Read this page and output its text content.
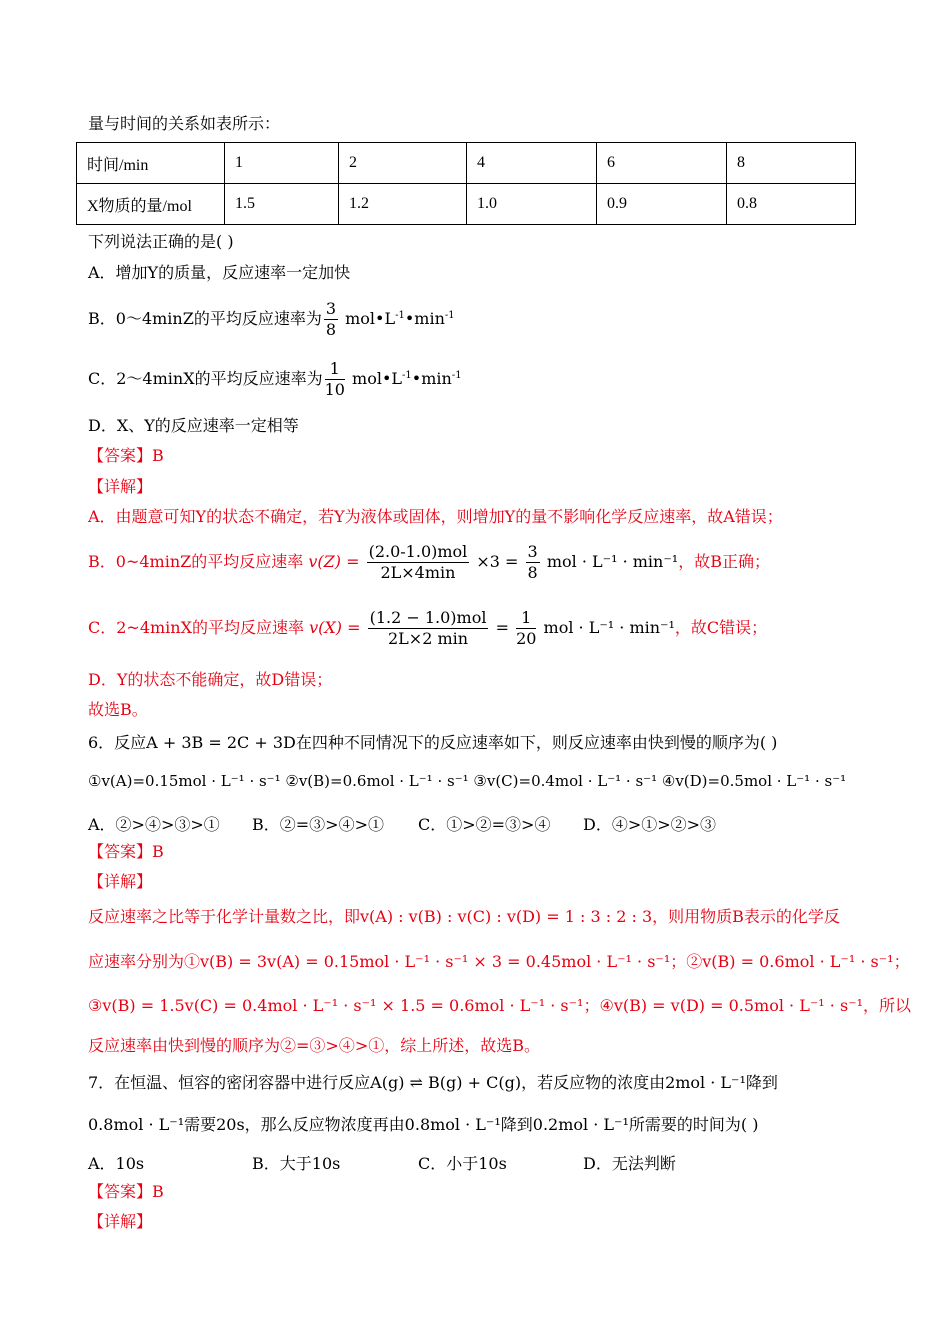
量与时间的关系如表所示：
时间/min	1	2	4	6	8
X物质的量/mol	1.5	1.2	1.0	0.9	0.8
下列说法正确的是( )
A．增加Y的质量，反应速率一定加快
B．0～4minZ的平均反应速率为 $\frac{3}{8}$ $mol•L^{-1}•\min^{-1}$
C．2～4minX的平均反应速率为 $\frac{1}{10}$ $mol•L^{-1}•\min^{-1}$
D．X、Y的反应速率一定相等
【答案】B
【详解】
A．由题意可知Y的状态不确定，若Y为液体或固体，则增加Y的量不影响化学反应速率，故A错误；
B．0~4minZ的平均反应速率 $v(Z) = \frac{\text{(2.0-1.0)mol}}{2L\times 4\min} \times 3 = \frac{3}{8}$ mol · L⁻¹ · min⁻¹，故B正确；
C．2~4minX的平均反应速率 $v(X) = \frac{\text{(1.2 − 1.0)mol}}{2L\times 2 \min} = \frac{1}{20}$ mol · L⁻¹ · min⁻¹，故C错误；
D．Y的状态不能确定，故D错误；
故选B。
6．反应A + 3B = 2C + 3D在四种不同情况下的反应速率如下，则反应速率由快到慢的顺序为( )
①v(A)=0.15mol · L⁻¹ · s⁻¹ ②v(B)=0.6mol · L⁻¹ · s⁻¹ ③v(C)=0.4mol · L⁻¹ · s⁻¹ ④v(D)=0.5mol · L⁻¹ · s⁻¹
A．②>④>③>① B．②=③>④>① C．①>②=③>④ D．④>①>②>③
【答案】B
【详解】
反应速率之比等于化学计量数之比，即v(A) : v(B) : v(C) : v(D) = 1 : 3 : 2 : 3，则用物质B表示的化学反
应速率分别为①v(B) = 3v(A) = 0.15mol · L⁻¹ · s⁻¹ × 3 = 0.45mol · L⁻¹ · s⁻¹；②v(B) = 0.6mol · L⁻¹ · s⁻¹；
③v(B) = 1.5v(C) = 0.4mol · L⁻¹ · s⁻¹ × 1.5 = 0.6mol · L⁻¹ · s⁻¹；④v(B) = v(D) = 0.5mol · L⁻¹ · s⁻¹，所以
反应速率由快到慢的顺序为②=③>④>①，综上所述，故选B。
7．在恒温、恒容的密闭容器中进行反应A(g) ⇌ B(g) + C(g)，若反应物的浓度由2mol · L⁻¹降到
0.8mol · L⁻¹需要20s，那么反应物浓度再由0.8mol · L⁻¹降到0.2mol · L⁻¹所需要的时间为( )
A．10s	B．大于10s	C．小于10s	D．无法判断
【答案】B
【详解】
